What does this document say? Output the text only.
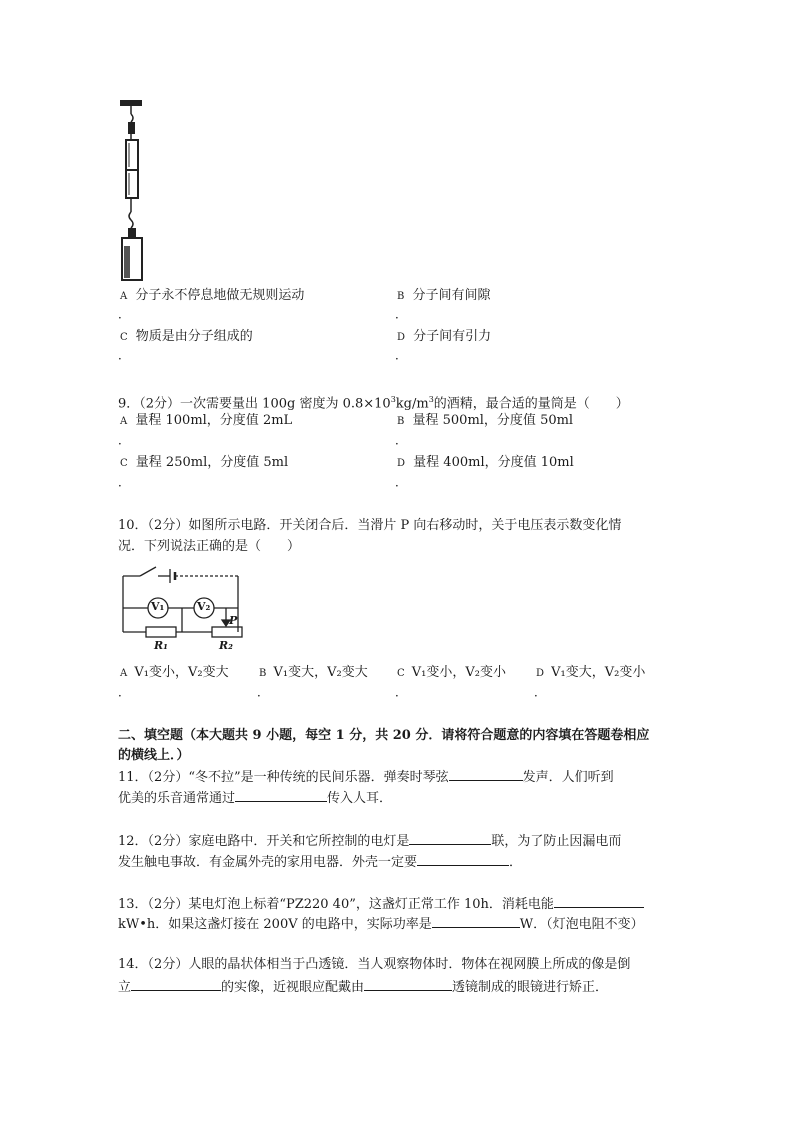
A 分子永不停息地做无规则运动
．
B 分子间有间隙
．
C 物质是由分子组成的
．
D 分子间有引力
．
9．（2分）一次需要量出 100g 密度为 $0.8\times 10^3kg/m^3$的酒精，最合适的量筒是（　　）
A 量程 100ml，分度值 2mL
．
B 量程 500ml，分度值 50ml
．
C 量程 250ml，分度值 5ml
．
D 量程 400ml，分度值 10ml
．
10．（2分）如图所示电路．开关闭合后．当滑片 P 向右移动时，关于电压表示数变化情
况．下列说法正确的是（　　）
V₁	V₂
R₁	R₂
P
A V₁变小，V₂变大
．
B V₁变大，V₂变大
．
C V₁变小，V₂变小
．
D V₁变大，V₂变小
．
二、填空题（本大题共 9 小题，每空 1 分，共 20 分．请将符合题意的内容填在答题卷相应
的横线上．）
11．（2分）“冬不拉”是一种传统的民间乐器．弹奏时琴弦	发声．人们听到
优美的乐音通常通过	传入人耳．
12．（2分）家庭电路中．开关和它所控制的电灯是	联，为了防止因漏电而
发生触电事故．有金属外壳的家用电器．外壳一定要	．
13．（2分）某电灯泡上标着“PZ220 40”，这盏灯正常工作 10h．消耗电能
kW•h．如果这盏灯接在 200V 的电路中，实际功率是	W．（灯泡电阻不变）
14．（2分）人眼的晶状体相当于凸透镜．当人观察物体时．物体在视网膜上所成的像是倒
立	的实像，近视眼应配戴由	透镜制成的眼镜进行矫正．
